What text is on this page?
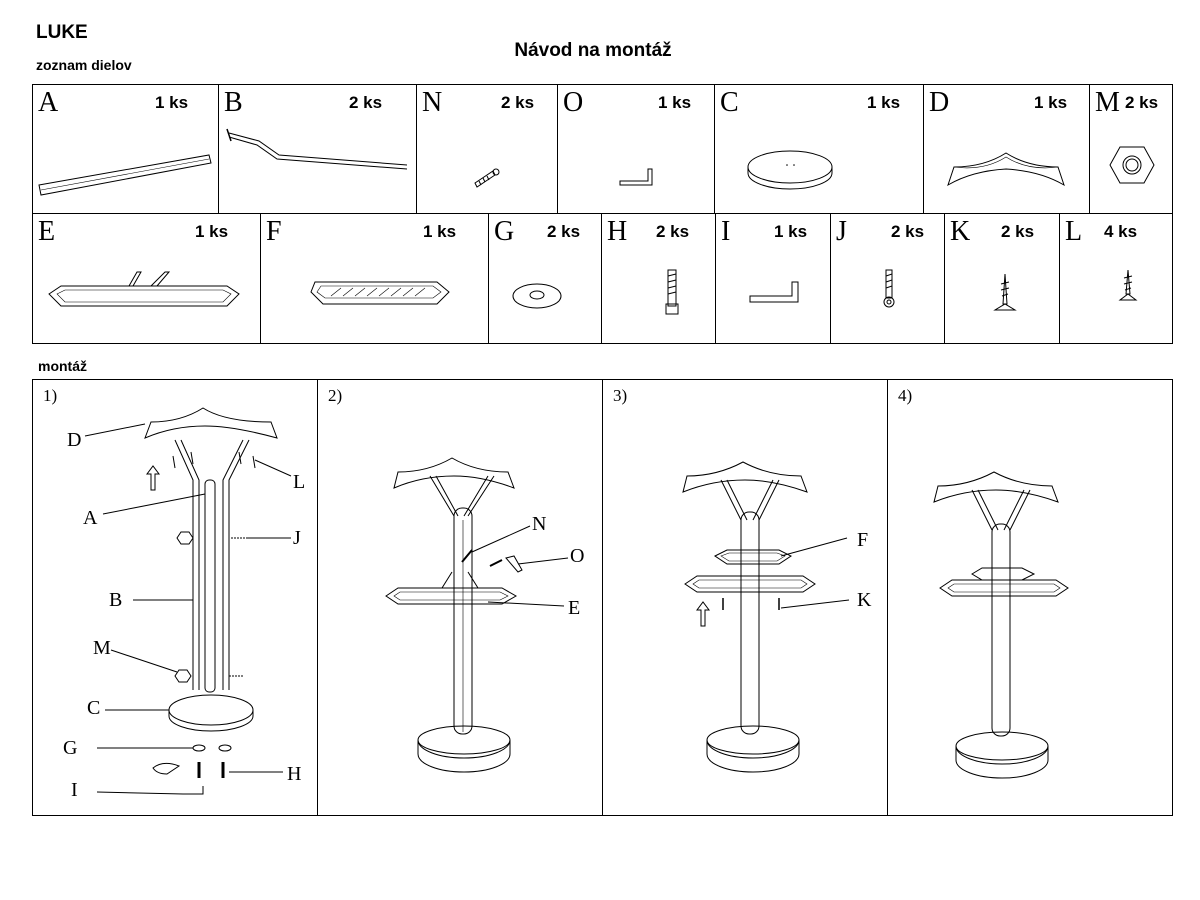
LUKE
zoznam dielov
Návod na montáž
montáž
A	1 ks B	2 ks N	2 ks O	1 ks C	1 ks D	1 ks M 2 ks
E	1 ks F	1 ks G 2 ks H 2 ks I	1 ks J	2 ks K 2 ks L 4 ks
1)
D
L
A
J
B
M
C
G
H
I
2)
N
O
E
3)
F
K
4)
